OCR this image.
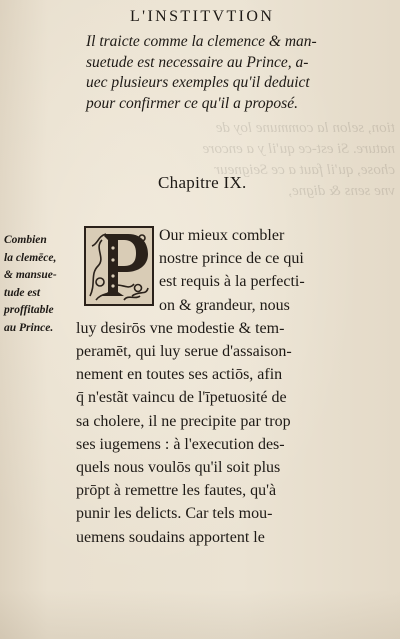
tion, selon la commune loy de
nature. Si est-ce qu'il y a encore
chose, qu'il faut a ce Seigneur
vne sens & digne,
L'INSTITVTION
Il traicte comme la clemence & man-
suetude est necessaire au Prince, a-
uec plusieurs exemples qu'il deduict
pour confirmer ce qu'il a proposé.
Chapitre IX.
Combien
la clemēce,
& mansue-
tude est
proffitable
au Prince.
Our mieux combler
nostre prince de ce qui
est requis à la perfecti-
on & grandeur, nous
luy desirōs vne modestie & tem-
peramēt, qui luy serue d'assaison-
nement en toutes ses actiōs, afin
q̄ n'estãt vaincu de l'īpetuosité de
sa cholere, il ne precipite par trop
ses iugemens : à l'execution des-
quels nous voulōs qu'il soit plus
prōpt à remettre les fautes, qu'à
punir les delicts. Car tels mou-
uemens soudains apportent le
